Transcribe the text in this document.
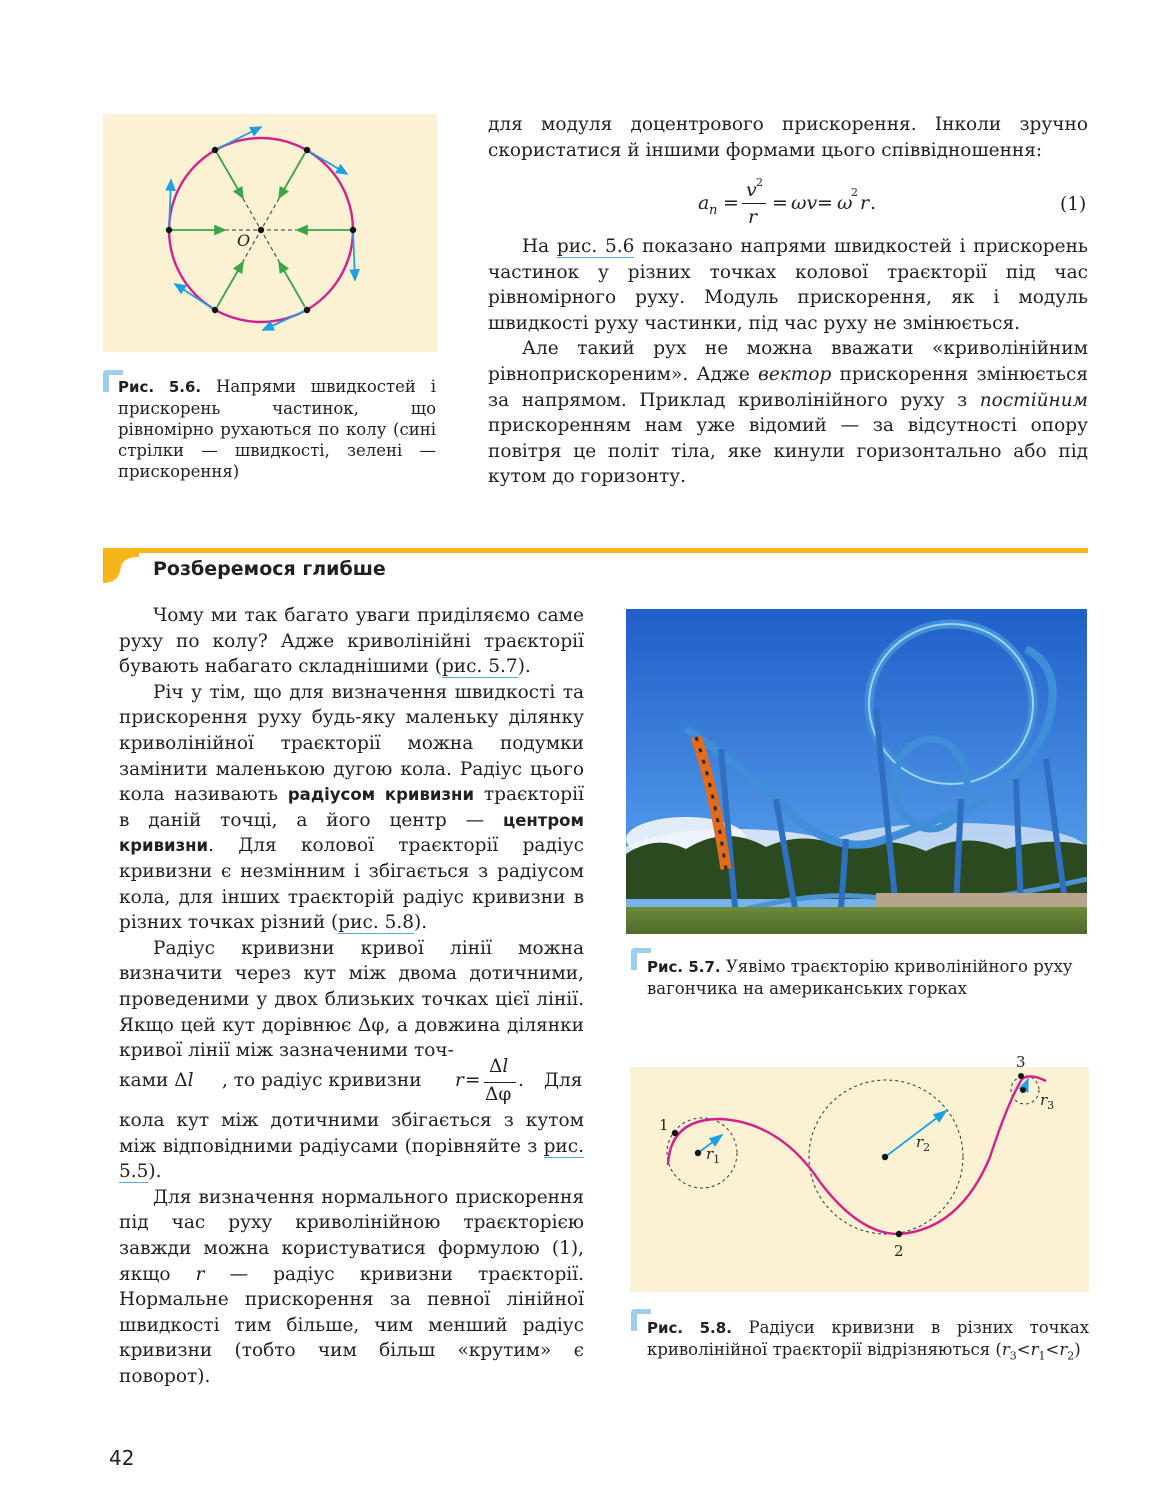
O
Рис. 5.6. Напрями швидкостей і прискорень частинок, що рівномірно рухаються по колу (сині стрілки — швидкості, зелені — прискорення)

для модуля доцентрового прискорення. Інколи зручно скористатися й іншими формами цього співвідношення:

a n =
v 2
r
= ωv = ω
2 r .	(1)

На рис. 5.6 показано напрями швидкостей і прискорень частинок у різних точках колової траєкторії під час рівномірного руху. Модуль прискорення, як і модуль швидкості руху частинки, під час руху не змінюється.

Але такий рух не можна вважати «криволінійним рівноприскореним». Адже вектор прискорення змінюється за напрямом. Приклад криволінійного руху з постійним прискоренням нам уже відомий — за відсутності опору повітря це політ тіла, яке кинули горизонтально або під кутом до горизонту.

Розберемося глибше

Чому ми так багато уваги приділяємо саме руху по колу? Адже криволінійні траєкторії бувають набагато складнішими (рис. 5.7).

Річ у тім, що для визначення швидкості та прискорення руху будь-яку маленьку ділянку криволінійної траєкторії можна подумки замінити маленькою дугою кола. Радіус цього кола називають радіусом кривизни траєкторії в даній точці, а його центр — центром кривизни. Для колової траєкторії радіус кривизни є незмінним і збігається з радіусом кола, для інших траєкторій радіус кривизни в різних точках різний (рис. 5.8).

Радіус кривизни кривої лінії можна визначити через кут між двома дотичними, проведеними у двох близьких точках цієї лінії. Якщо цей кут дорівнює Δφ, а довжина ділянки кривої лінії між зазначеними точ-

ками Δl , то радіус кривизни r =
Δl
Δφ
. Для

кола кут між дотичними збігається з кутом між відповідними радіусами (порівняйте з рис. 5.5).

Для визначення нормального прискорення під час руху криволінійною траєкторією завжди можна користуватися формулою (1), якщо r — радіус кривизни траєкторії. Нормальне прискорення за певної лінійної швидкості тим більше, чим менший радіус кривизни (тобто чим більш «крутим» є поворот).

Рис. 5.7. Уявімо траєкторію криволінійного руху вагончика на американських горках
1
2
3
$r_1$
$r_2$
$r_3$
Рис. 5.8. Радіуси кривизни в різних точках криволінійної траєкторії відрізняються $(r_3<r_1<r_2)$
42
